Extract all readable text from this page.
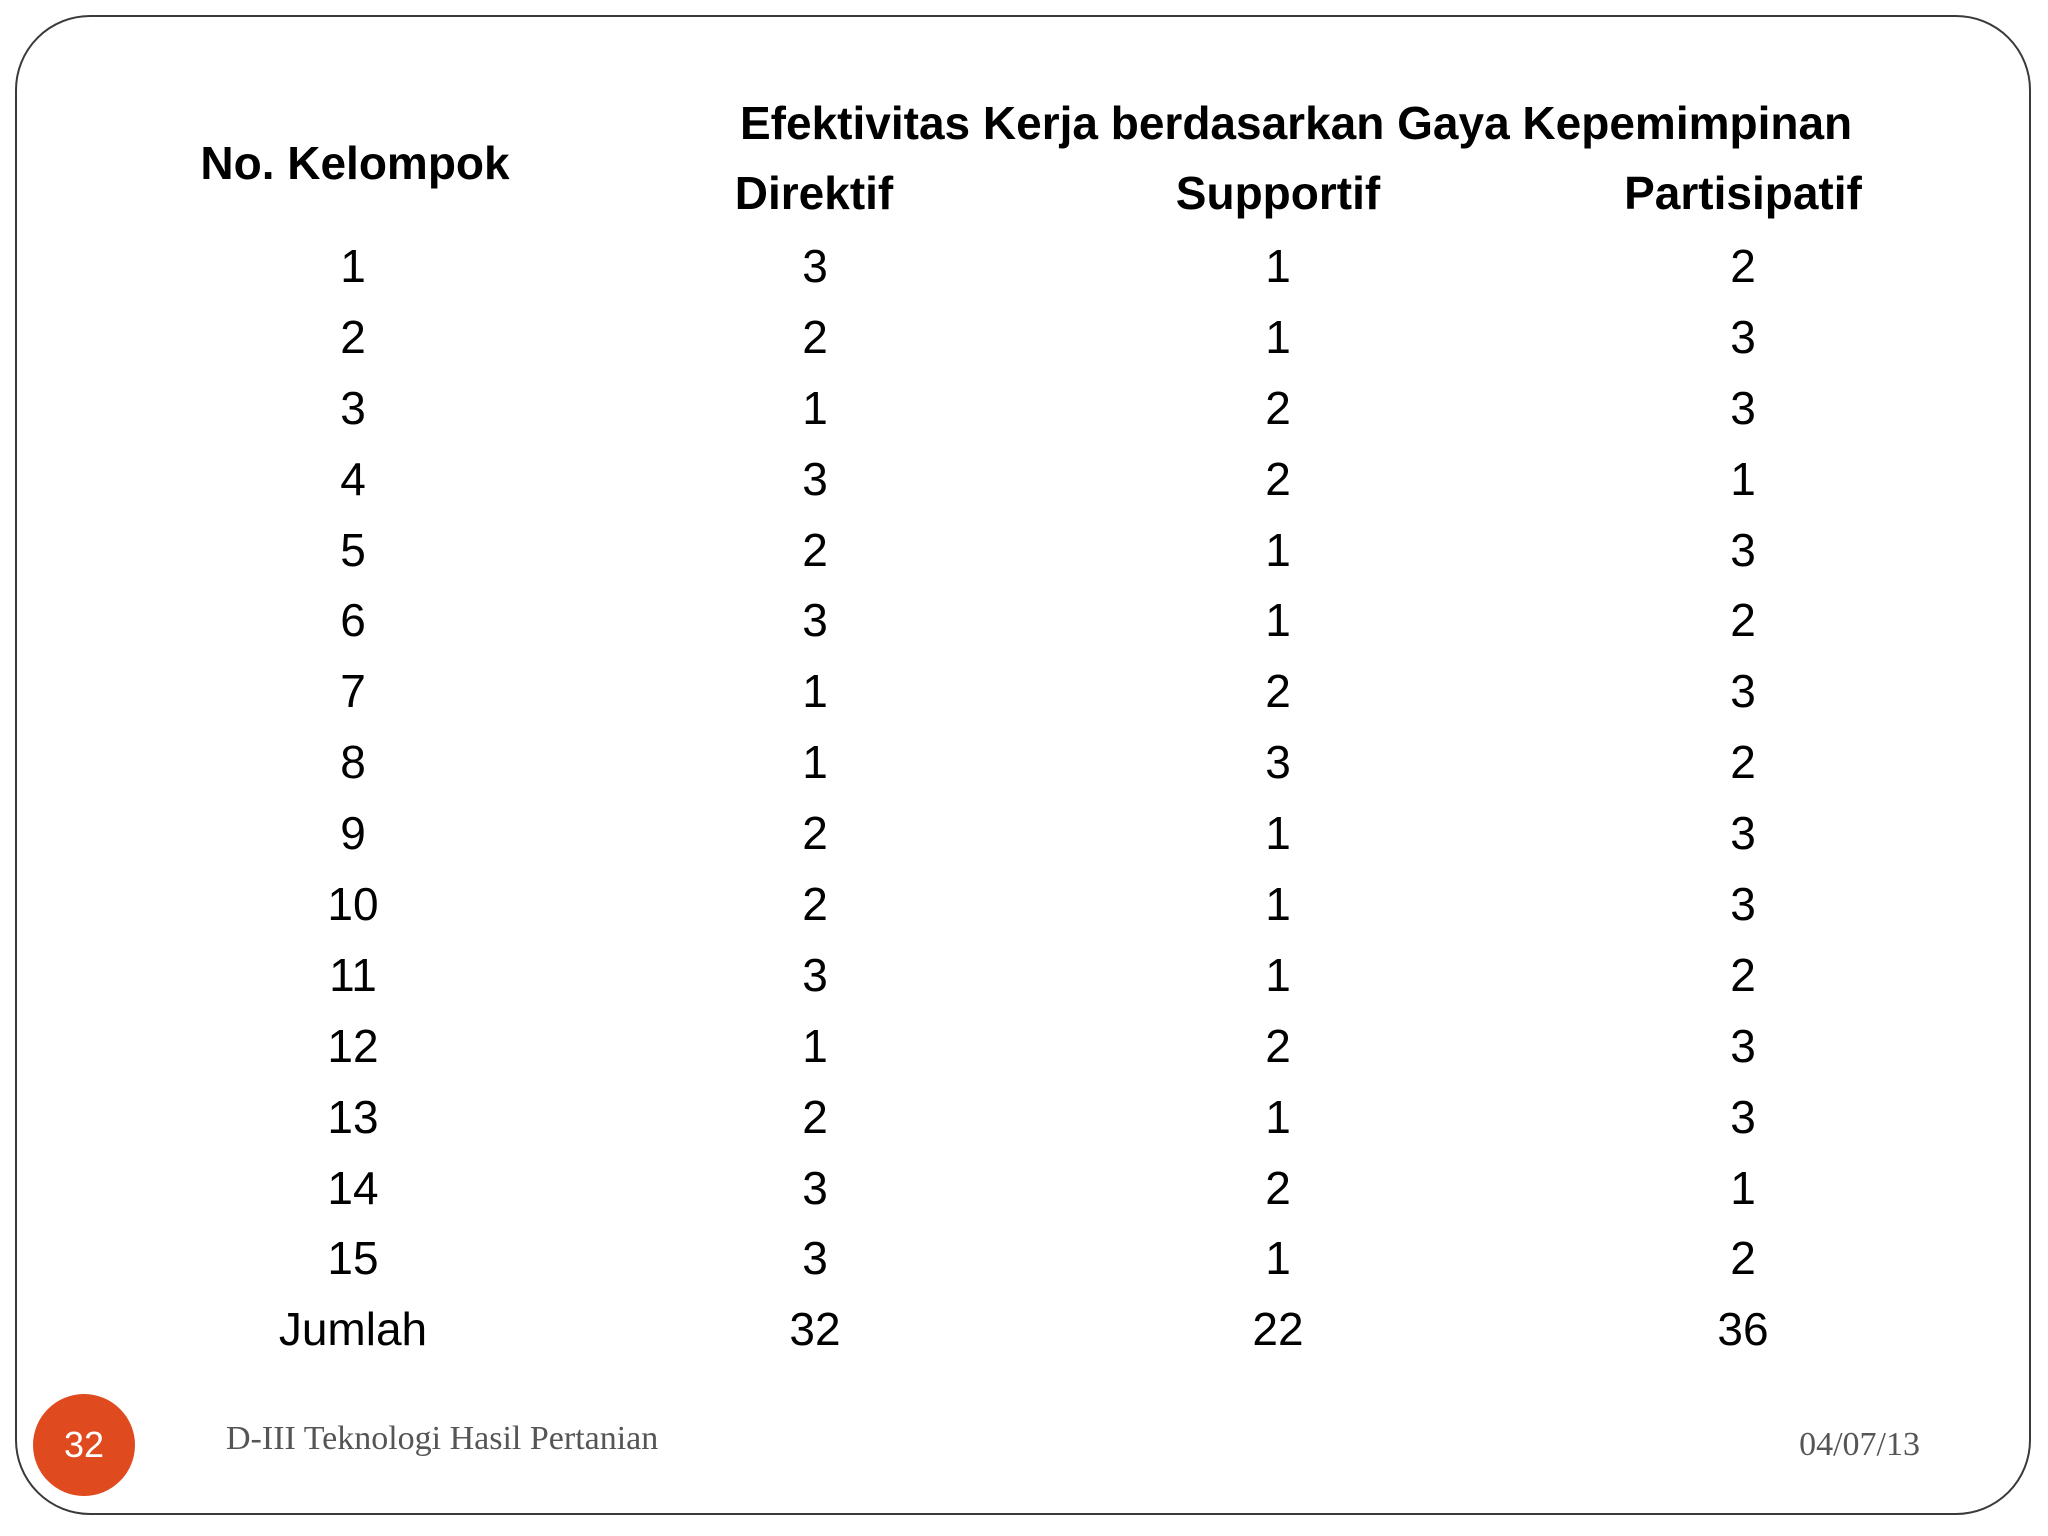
Efektivitas Kerja berdasarkan Gaya Kepemimpinan
No. Kelompok
Direktif	Supportif	Partisipatif
1	3	1	2
2	2	1	3
3	1	2	3
4	3	2	1
5	2	1	3
6	3	1	2
7	1	2	3
8	1	3	2
9	2	1	3
10	2	1	3
11	3	1	2
12	1	2	3
13	2	1	3
14	3	2	1
15	3	1	2
Jumlah	32	22	36
32	D-III Teknologi Hasil Pertanian	04/07/13
